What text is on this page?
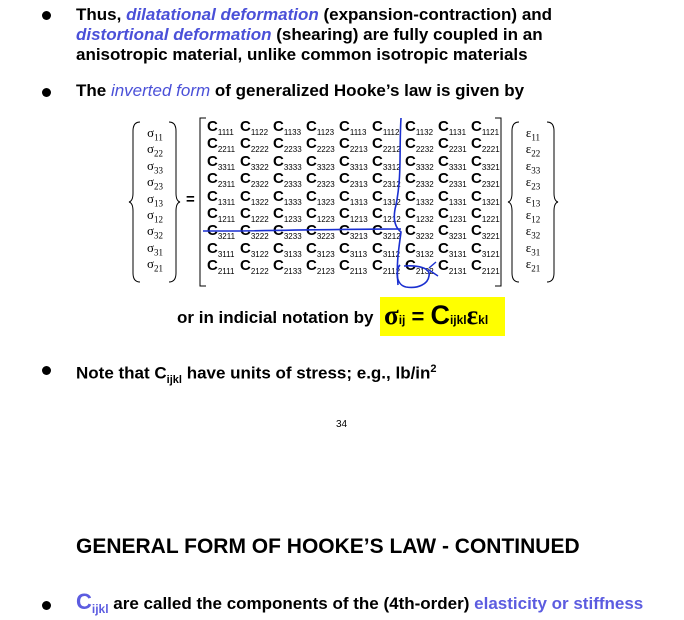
Thus, dilatational deformation (expansion-contraction) and
distortional deformation (shearing) are fully coupled in an
anisotropic material, unlike common isotropic materials
The inverted form of generalized Hooke’s law is given by
$\sigma_{11}$
$\sigma_{22}$
$\sigma_{33}$
$\sigma_{23}$
$\sigma_{13}$
$\sigma_{12}$
$\sigma_{32}$
$\sigma_{31}$
$\sigma_{21}$
=
$C_{1111}$ $C_{1122}$ $C_{1133}$ $C_{1123}$ $C_{1113}$ $C_{1112}$ $C_{1132}$ $C_{1131}$ $C_{1121}$
$C_{2211}$ $C_{2222}$ $C_{2233}$ $C_{2223}$ $C_{2213}$ $C_{2212}$ $C_{2232}$ $C_{2231}$ $C_{2221}$
$C_{3311}$ $C_{3322}$ $C_{3333}$ $C_{3323}$ $C_{3313}$ $C_{3312}$ $C_{3332}$ $C_{3331}$ $C_{3321}$
$C_{2311}$ $C_{2322}$ $C_{2333}$ $C_{2323}$ $C_{2313}$ $C_{2312}$ $C_{2332}$ $C_{2331}$ $C_{2321}$
$C_{1311}$ $C_{1322}$ $C_{1333}$ $C_{1323}$ $C_{1313}$ $C_{1312}$ $C_{1332}$ $C_{1331}$ $C_{1321}$
$C_{1211}$ $C_{1222}$ $C_{1233}$ $C_{1223}$ $C_{1213}$ $C_{1212}$ $C_{1232}$ $C_{1231}$ $C_{1221}$
$C_{3211}$ $C_{3222}$ $C_{3233}$ $C_{3223}$ $C_{3213}$ $C_{3212}$ $C_{3232}$ $C_{3231}$ $C_{3221}$
$C_{3111}$ $C_{3122}$ $C_{3133}$ $C_{3123}$ $C_{3113}$ $C_{3112}$ $C_{3132}$ $C_{3131}$ $C_{3121}$
$C_{2111}$ $C_{2122}$ $C_{2133}$ $C_{2123}$ $C_{2113}$ $C_{2112}$ $C_{2132}$ $C_{2131}$ $C_{2121}$
$\varepsilon_{11}$
$\varepsilon_{22}$
$\varepsilon_{33}$
$\varepsilon_{23}$
$\varepsilon_{13}$
$\varepsilon_{12}$
$\varepsilon_{32}$
$\varepsilon_{31}$
$\varepsilon_{21}$
or in indicial notation by σij = Cijklεkl
Note that $C_{ijkl}$ have units of stress; e.g., $lb/in^2$
34
GENERAL FORM OF HOOKE’S LAW - CONTINUED
$C_{ijkl}$ are called the components of the (4th-order) elasticity or stiffness
